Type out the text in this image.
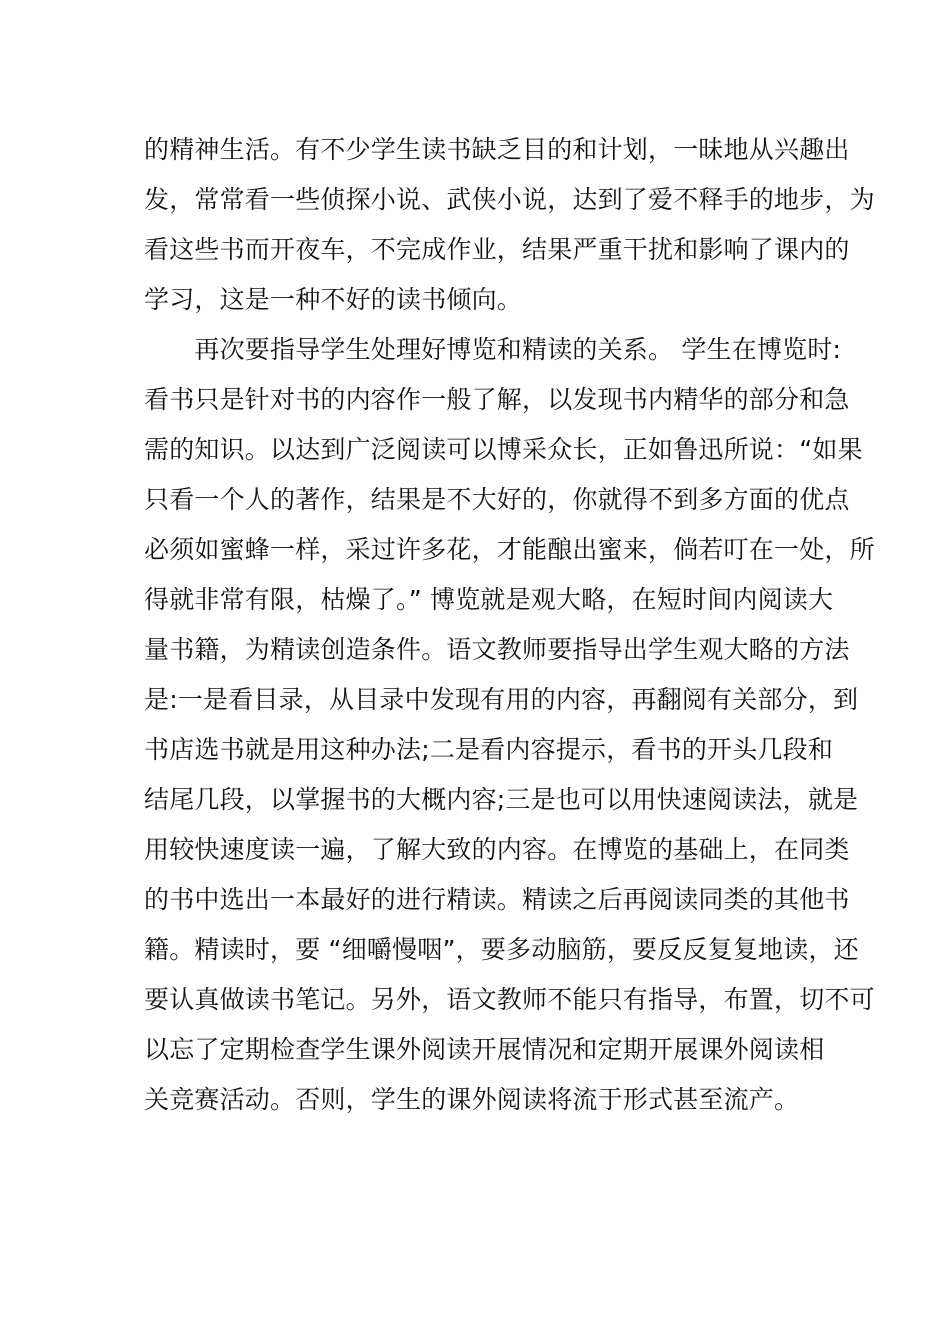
的精神生活。有不少学生读书缺乏目的和计划，一昧地从兴趣出
发，常常看一些侦探小说、武侠小说，达到了爱不释手的地步，为
看这些书而开夜车，不完成作业，结果严重干扰和影响了课内的
学习，这是一种不好的读书倾向。
　　再次要指导学生处理好博览和精读的关系。 学生在博览时:
看书只是针对书的内容作一般了解，以发现书内精华的部分和急
需的知识。以达到广泛阅读可以博采众长，正如鲁迅所说：“如果
只看一个人的著作，结果是不大好的，你就得不到多方面的优点
必须如蜜蜂一样，采过许多花，才能酿出蜜来，倘若叮在一处，所
得就非常有限，枯燥了。” 博览就是观大略，在短时间内阅读大
量书籍，为精读创造条件。语文教师要指导出学生观大略的方法
是:一是看目录，从目录中发现有用的内容，再翻阅有关部分，到
书店选书就是用这种办法;二是看内容提示，看书的开头几段和
结尾几段，以掌握书的大概内容;三是也可以用快速阅读法，就是
用较快速度读一遍，了解大致的内容。在博览的基础上，在同类
的书中选出一本最好的进行精读。精读之后再阅读同类的其他书
籍。精读时，要 “细嚼慢咽”，要多动脑筋，要反反复复地读，还
要认真做读书笔记。另外，语文教师不能只有指导，布置，切不可
以忘了定期检查学生课外阅读开展情况和定期开展课外阅读相
关竞赛活动。否则，学生的课外阅读将流于形式甚至流产。
